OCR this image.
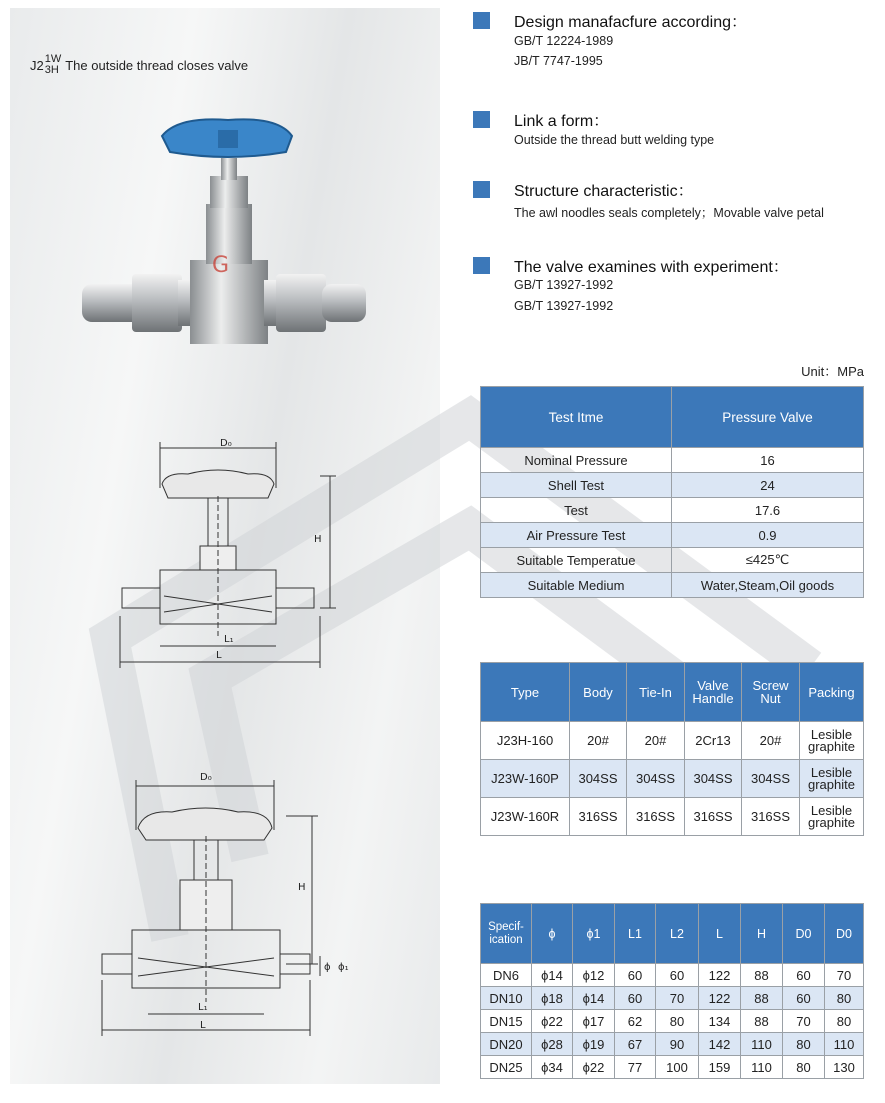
J2 1W
3H The outside thread closes valve
G
D₀
H
L₁
L
D₀
H
ϕ ϕ₁
L₁
L
Design manafacfure according：
GB/T 12224-1989
JB/T 7747-1995
Link a form：
Outside the thread butt welding type
Structure characteristic：
The awl noodles seals completely；Movable valve petal
The valve examines with experiment：
GB/T 13927-1992
GB/T 13927-1992
Unit：MPa
Test Itme	Pressure Valve
Nominal Pressure	16
Shell Test	24
Test	17.6
Air Pressure Test	0.9
Suitable Temperatue	≤425℃
Suitable Medium	Water,Steam,Oil goods
Type	Body	Tie-In	Valve Handle	Screw Nut	Packing
J23H-160	20#	20#	2Cr13	20#	Lesible graphite
J23W-160P	304SS	304SS	304SS	304SS	Lesible graphite
J23W-160R	316SS	316SS	316SS	316SS	Lesible graphite
Specif-ication	ϕ	ϕ1	L1	L2	L	H	D0	D0
DN6	ϕ14	ϕ12	60	60	122	88	60	70
DN10	ϕ18	ϕ14	60	70	122	88	60	80
DN15	ϕ22	ϕ17	62	80	134	88	70	80
DN20	ϕ28	ϕ19	67	90	142	110	80	110
DN25	ϕ34	ϕ22	77	100	159	110	80	130
